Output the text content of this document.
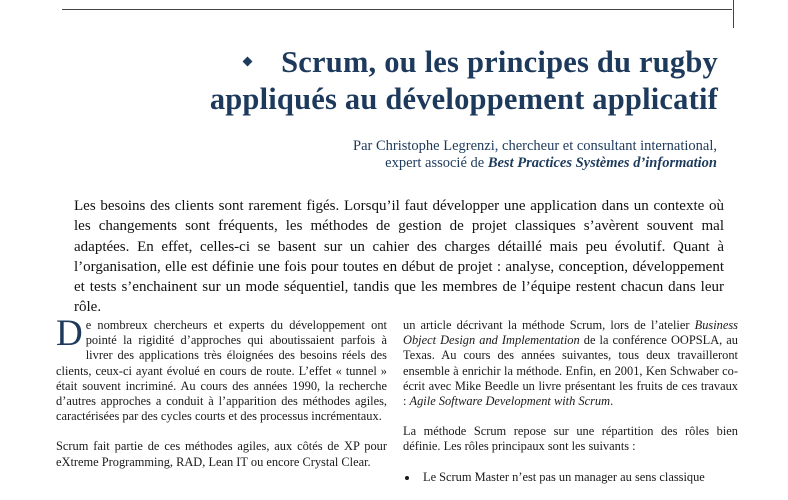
Scrum, ou les principes du rugby
appliqués au développement applicatif
Par Christophe Legrenzi, chercheur et consultant international,
expert associé de Best Practices Systèmes d’information
Les besoins des clients sont rarement figés. Lorsqu’il faut développer une application dans un contexte où les changements sont fréquents, les méthodes de gestion de projet classiques s’avèrent souvent mal adaptées. En effet, celles-ci se basent sur un cahier des charges détaillé mais peu évolutif. Quant à l’organisation, elle est définie une fois pour toutes en début de projet : analyse, conception, développement et tests s’enchainent sur un mode séquentiel, tandis que les membres de l’équipe restent chacun dans leur rôle.

De nombreux chercheurs et experts du développement ont pointé la rigidité d’approches qui aboutissaient parfois à livrer des applications très éloignées des besoins réels des clients, ceux-ci ayant évolué en cours de route. L’effet « tunnel » était souvent incriminé. Au cours des années 1990, la recherche d’autres approches a conduit à l’apparition des méthodes agiles, caractérisées par des cycles courts et des processus incrémentaux.

Scrum fait partie de ces méthodes agiles, aux côtés de XP pour eXtreme Programming, RAD, Lean IT ou encore Crystal Clear.

un article décrivant la méthode Scrum, lors de l’atelier Business Object Design and Implementation de la conférence OOPSLA, au Texas. Au cours des années suivantes, tous deux travailleront ensemble à enrichir la méthode. Enfin, en 2001, Ken Schwaber co-écrit avec Mike Beedle un livre présentant les fruits de ces travaux : Agile Software Development with Scrum.

La méthode Scrum repose sur une répartition des rôles bien définie. Les rôles principaux sont les suivants :

Le Scrum Master n’est pas un manager au sens classique
